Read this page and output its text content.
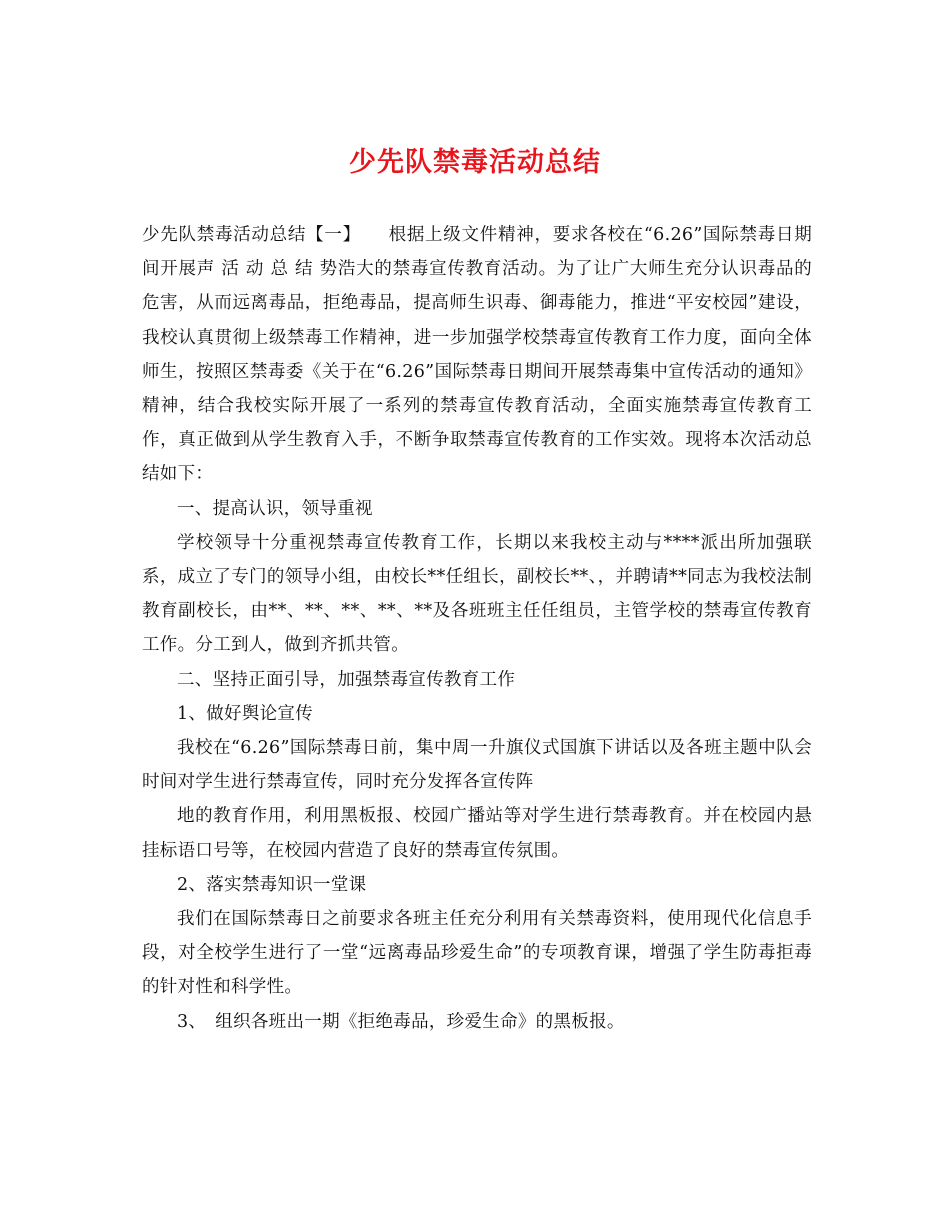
少先队禁毒活动总结

少先队禁毒活动总结【一】　　根据上级文件精神，要求各校在“6.26”国际禁毒日期间开展声 活 动 总 结 势浩大的禁毒宣传教育活动。为了让广大师生充分认识毒品的危害，从而远离毒品，拒绝毒品，提高师生识毒、御毒能力，推进“平安校园”建设，我校认真贯彻上级禁毒工作精神，进一步加强学校禁毒宣传教育工作力度，面向全体师生，按照区禁毒委《关于在“6.26”国际禁毒日期间开展禁毒集中宣传活动的通知》精神，结合我校实际开展了一系列的禁毒宣传教育活动，全面实施禁毒宣传教育工作，真正做到从学生教育入手，不断争取禁毒宣传教育的工作实效。现将本次活动总结如下：

一、提高认识，领导重视

学校领导十分重视禁毒宣传教育工作，长期以来我校主动与****派出所加强联系，成立了专门的领导小组，由校长**任组长，副校长**、，并聘请**同志为我校法制教育副校长，由**、**、**、**、**及各班班主任任组员，主管学校的禁毒宣传教育工作。分工到人，做到齐抓共管。

二、坚持正面引导，加强禁毒宣传教育工作

1、做好舆论宣传

我校在“6.26”国际禁毒日前，集中周一升旗仪式国旗下讲话以及各班主题中队会时间对学生进行禁毒宣传，同时充分发挥各宣传阵

地的教育作用，利用黑板报、校园广播站等对学生进行禁毒教育。并在校园内悬挂标语口号等，在校园内营造了良好的禁毒宣传氛围。

2、落实禁毒知识一堂课

我们在国际禁毒日之前要求各班主任充分利用有关禁毒资料，使用现代化信息手段，对全校学生进行了一堂“远离毒品珍爱生命”的专项教育课，增强了学生防毒拒毒的针对性和科学性。

3、　组织各班出一期《拒绝毒品，珍爱生命》的黑板报。
